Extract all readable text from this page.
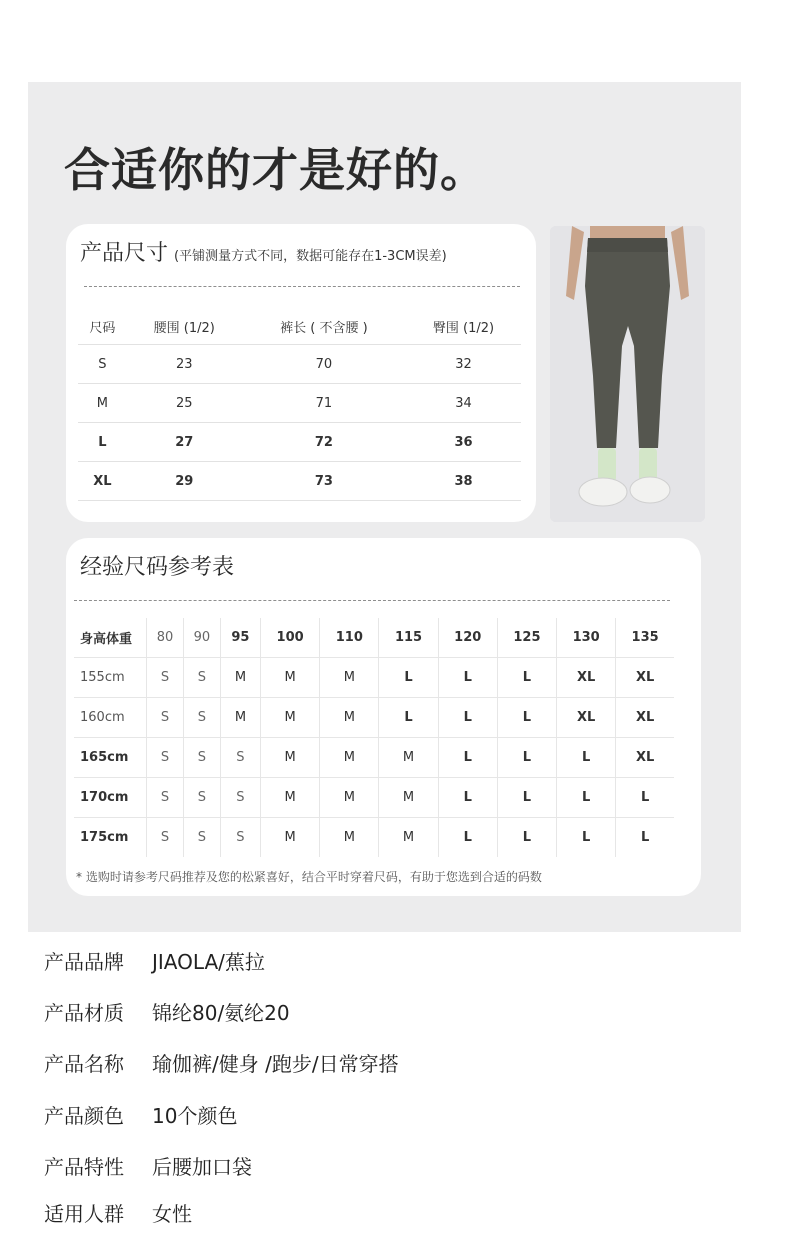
合适你的才是好的。
产品尺寸 (平铺测量方式不同，数据可能存在1-3CM误差)
尺码	腰围 (1/2)	裤长 ( 不含腰 )	臀围 (1/2)
S	23	70	32
M	25	71	34
L	27	72	36
XL	29	73	38
经验尺码参考表
身高体重	80	90	95	100	110	115	120	125	130	135
155cm	S	S	M	M	M	L	L	L	XL	XL
160cm	S	S	M	M	M	L	L	L	XL	XL
165cm	S	S	S	M	M	M	L	L	L	XL
170cm	S	S	S	M	M	M	L	L	L	L
175cm	S	S	S	M	M	M	L	L	L	L
* 选购时请参考尺码推荐及您的松紧喜好，结合平时穿着尺码，有助于您选到合适的码数
产品品牌 JIAOLA/蕉拉
产品材质 锦纶80/氨纶20
产品名称 瑜伽裤/健身 /跑步/日常穿搭
产品颜色 10个颜色
产品特性 后腰加口袋
适用人群 女性
